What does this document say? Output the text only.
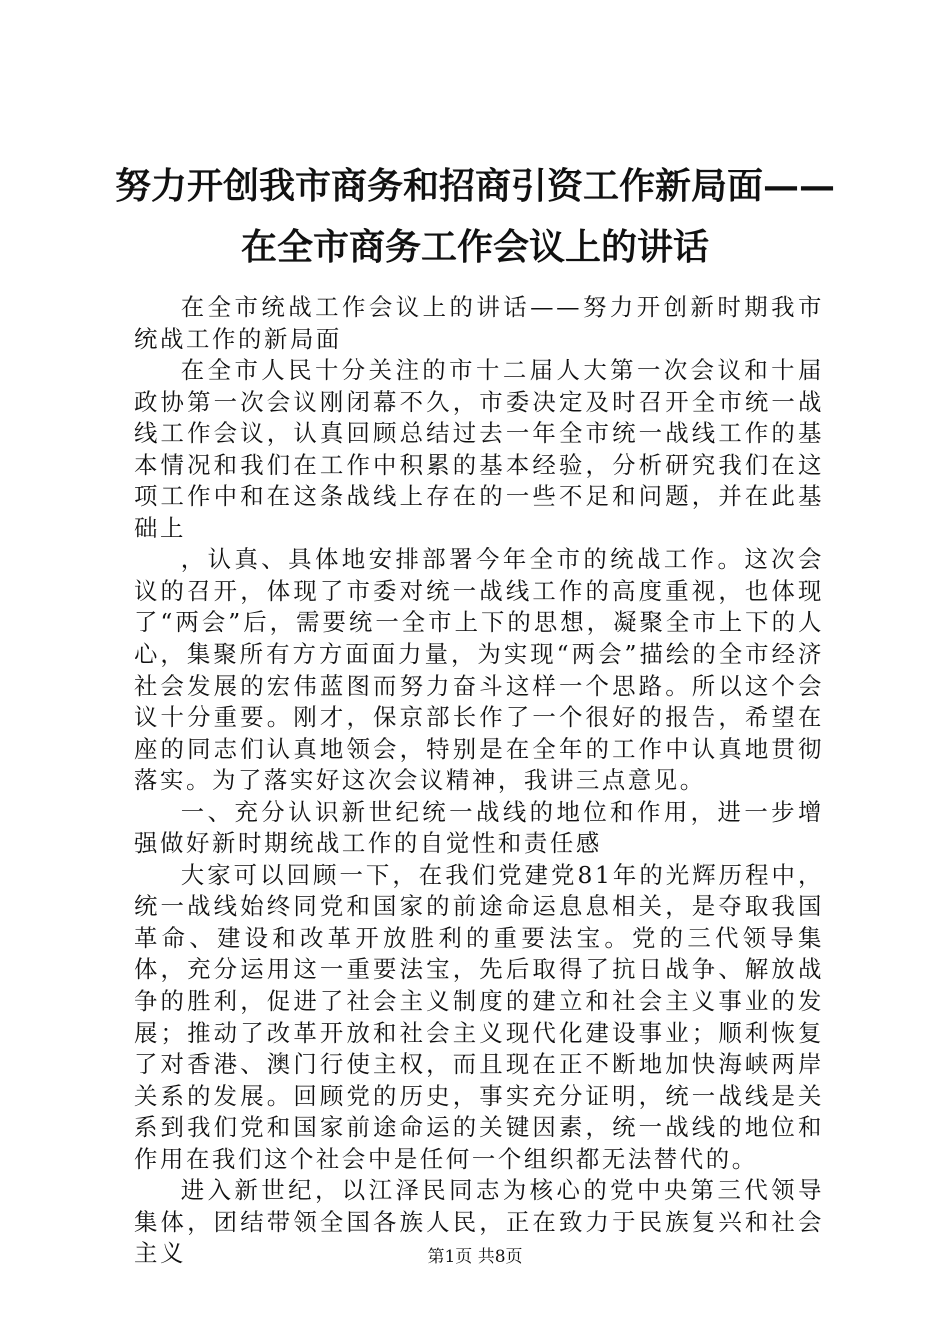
努力开创我市商务和招商引资工作新局面——
在全市商务工作会议上的讲话

在全市统战工作会议上的讲话——努力开创新时期我市统战工作的新局面

在全市人民十分关注的市十二届人大第一次会议和十届政协第一次会议刚闭幕不久，市委决定及时召开全市统一战线工作会议，认真回顾总结过去一年全市统一战线工作的基本情况和我们在工作中积累的基本经验，分析研究我们在这项工作中和在这条战线上存在的一些不足和问题，并在此基础上

，认真、具体地安排部署今年全市的统战工作。这次会议的召开，体现了市委对统一战线工作的高度重视，也体现了“两会”后，需要统一全市上下的思想，凝聚全市上下的人心，集聚所有方方面面力量，为实现“两会”描绘的全市经济社会发展的宏伟蓝图而努力奋斗这样一个思路。所以这个会议十分重要。刚才，保京部长作了一个很好的报告，希望在座的同志们认真地领会，特别是在全年的工作中认真地贯彻落实。为了落实好这次会议精神，我讲三点意见。

一、充分认识新世纪统一战线的地位和作用，进一步增强做好新时期统战工作的自觉性和责任感

大家可以回顾一下，在我们党建党81年的光辉历程中，统一战线始终同党和国家的前途命运息息相关，是夺取我国革命、建设和改革开放胜利的重要法宝。党的三代领导集体，充分运用这一重要法宝，先后取得了抗日战争、解放战争的胜利，促进了社会主义制度的建立和社会主义事业的发展；推动了改革开放和社会主义现代化建设事业；顺利恢复了对香港、澳门行使主权，而且现在正不断地加快海峡两岸关系的发展。回顾党的历史，事实充分证明，统一战线是关系到我们党和国家前途命运的关键因素，统一战线的地位和作用在我们这个社会中是任何一个组织都无法替代的。

进入新世纪，以江泽民同志为核心的党中央第三代领导集体，团结带领全国各族人民，正在致力于民族复兴和社会主义	第1页 共8页
